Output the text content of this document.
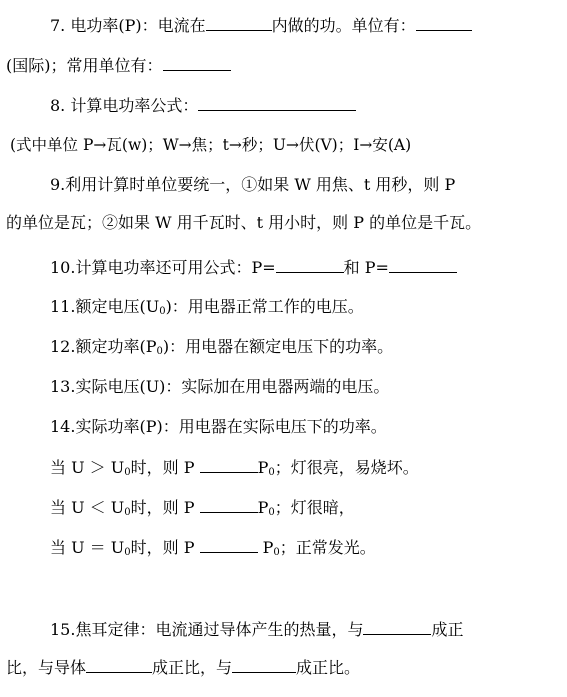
7. 电功率(P)：电流在	内做的功。单位有：
(国际)；常用单位有：
8. 计算电功率公式：
(式中单位 P→瓦(w)；W→焦；t→秒；U→伏(V)；I→安(A)
9.利用计算时单位要统一，①如果 W 用焦、t 用秒，则 P
的单位是瓦；②如果 W 用千瓦时、t 用小时，则 P 的单位是千瓦。
10.计算电功率还可用公式：P=	和 P=
11.额定电压$(U_0)$：用电器正常工作的电压。
12.额定功率$(P_0)$：用电器在额定电压下的功率。
13.实际电压(U)：实际加在用电器两端的电压。
14.实际功率(P)：用电器在实际电压下的功率。
当 $U > U_0$时，则 P	$P_0$；灯很亮，易烧坏。
当 $U < U_0$时，则 P	$P_0$；灯很暗，
当 $U = U_0$时，则 P	$P_0$；正常发光。
15.焦耳定律：电流通过导体产生的热量，与	成正
比，与导体	成正比，与	成正比。
